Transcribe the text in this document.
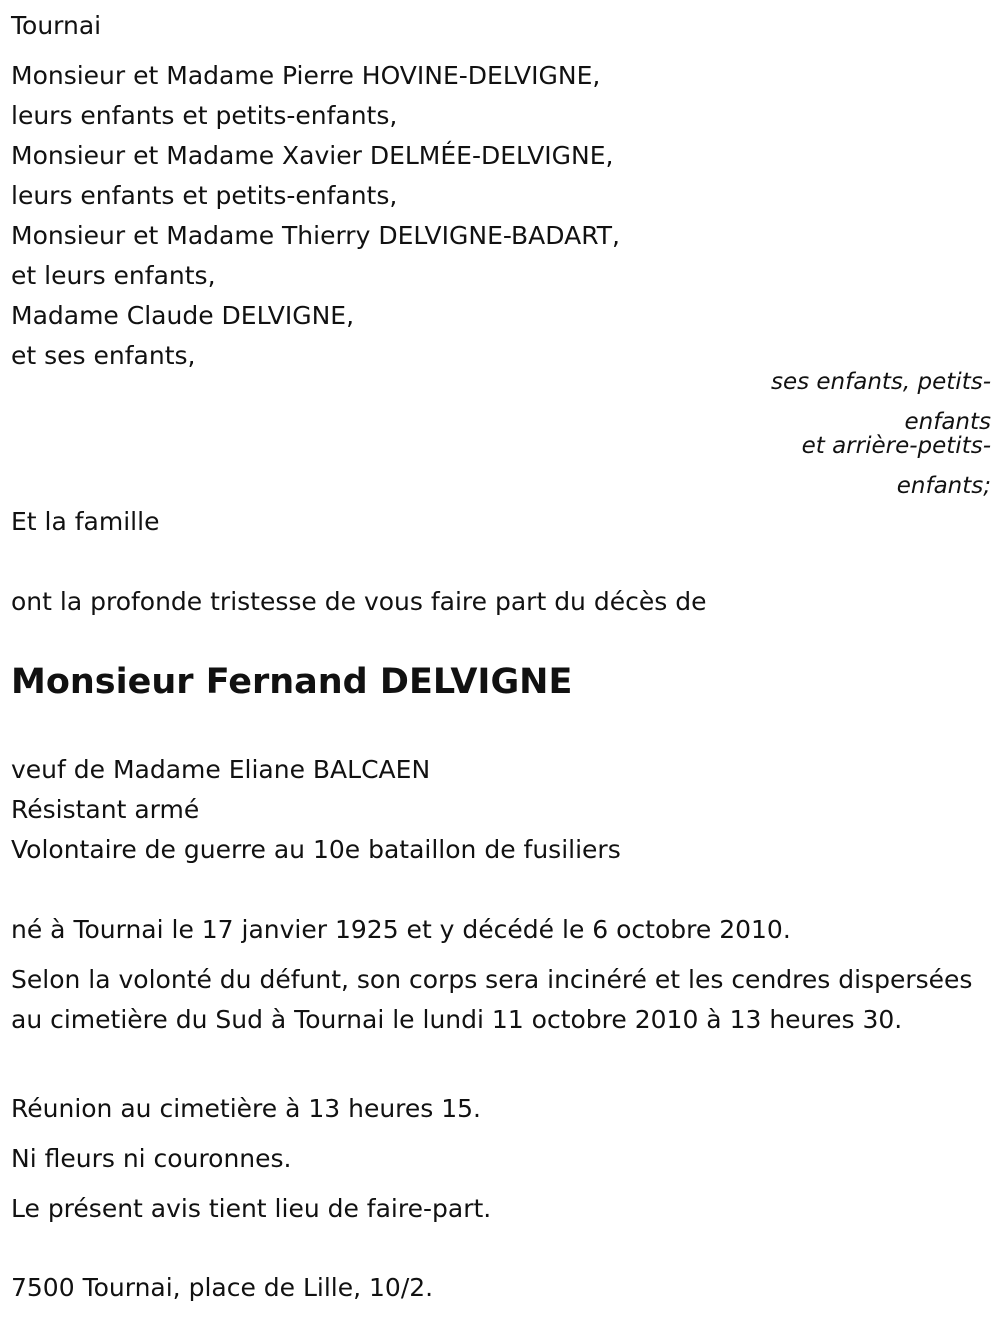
Tournai

Monsieur et Madame Pierre HOVINE-DELVIGNE,

leurs enfants et petits-enfants,

Monsieur et Madame Xavier DELMÉE-DELVIGNE,

leurs enfants et petits-enfants,

Monsieur et Madame Thierry DELVIGNE-BADART,

et leurs enfants,

Madame Claude DELVIGNE,

et ses enfants,

ses enfants, petits-enfants

et arrière-petits-enfants;

Et la famille

ont la profonde tristesse de vous faire part du décès de

Monsieur Fernand DELVIGNE

veuf de Madame Eliane BALCAEN

Résistant armé

Volontaire de guerre au 10e bataillon de fusiliers

né à Tournai le 17 janvier 1925 et y décédé le 6 octobre 2010.

Selon la volonté du défunt, son corps sera incinéré et les cendres dispersées au cimetière du Sud à Tournai le lundi 11 octobre 2010 à 13 heures 30.

Réunion au cimetière à 13 heures 15.

Ni fleurs ni couronnes.

Le présent avis tient lieu de faire-part.

7500 Tournai, place de Lille, 10/2.
